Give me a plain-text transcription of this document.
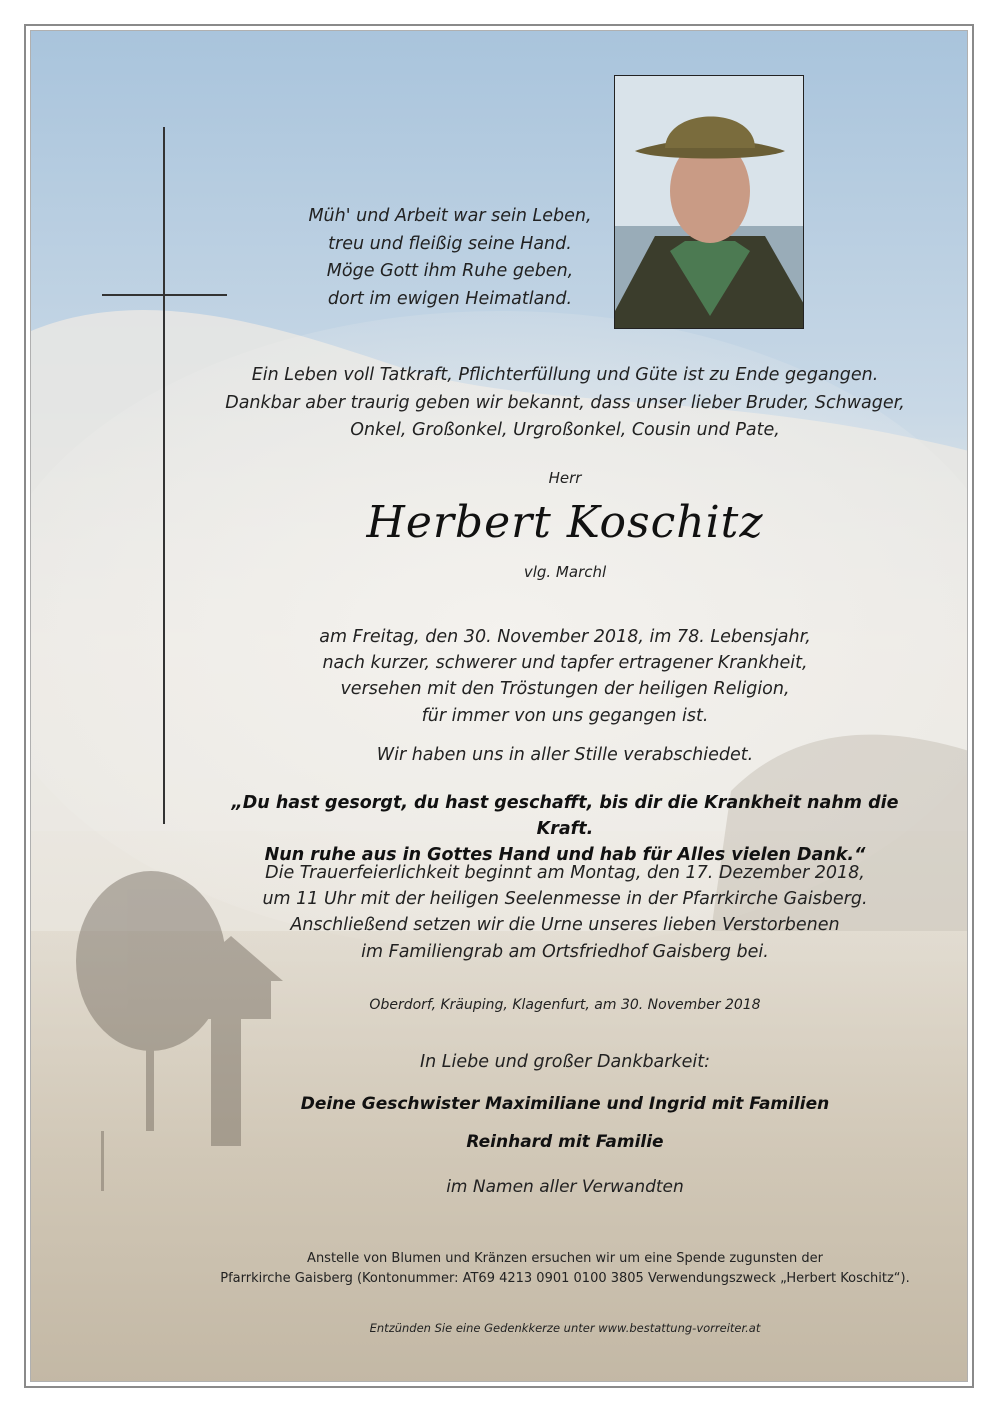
Müh' und Arbeit war sein Leben,
treu und fleißig seine Hand.
Möge Gott ihm Ruhe geben,
dort im ewigen Heimatland.
Ein Leben voll Tatkraft, Pflichterfüllung und Güte ist zu Ende gegangen.
Dankbar aber traurig geben wir bekannt, dass unser lieber Bruder, Schwager,
Onkel, Großonkel, Urgroßonkel, Cousin und Pate,
Herr
Herbert Koschitz
vlg. Marchl
am Freitag, den 30. November 2018, im 78. Lebensjahr,
nach kurzer, schwerer und tapfer ertragener Krankheit,
versehen mit den Tröstungen der heiligen Religion,
für immer von uns gegangen ist.
Wir haben uns in aller Stille verabschiedet.
„Du hast gesorgt, du hast geschafft, bis dir die Krankheit nahm die Kraft.
Nun ruhe aus in Gottes Hand und hab für Alles vielen Dank.“
Die Trauerfeierlichkeit beginnt am Montag, den 17. Dezember 2018,
um 11 Uhr mit der heiligen Seelenmesse in der Pfarrkirche Gaisberg.
Anschließend setzen wir die Urne unseres lieben Verstorbenen
im Familiengrab am Ortsfriedhof Gaisberg bei.
Oberdorf, Kräuping, Klagenfurt, am 30. November 2018
In Liebe und großer Dankbarkeit:
Deine Geschwister Maximiliane und Ingrid mit Familien
Reinhard mit Familie
im Namen aller Verwandten
Anstelle von Blumen und Kränzen ersuchen wir um eine Spende zugunsten der
Pfarrkirche Gaisberg (Kontonummer: AT69 4213 0901 0100 3805 Verwendungszweck „Herbert Koschitz“).
Entzünden Sie eine Gedenkkerze unter www.bestattung-vorreiter.at
